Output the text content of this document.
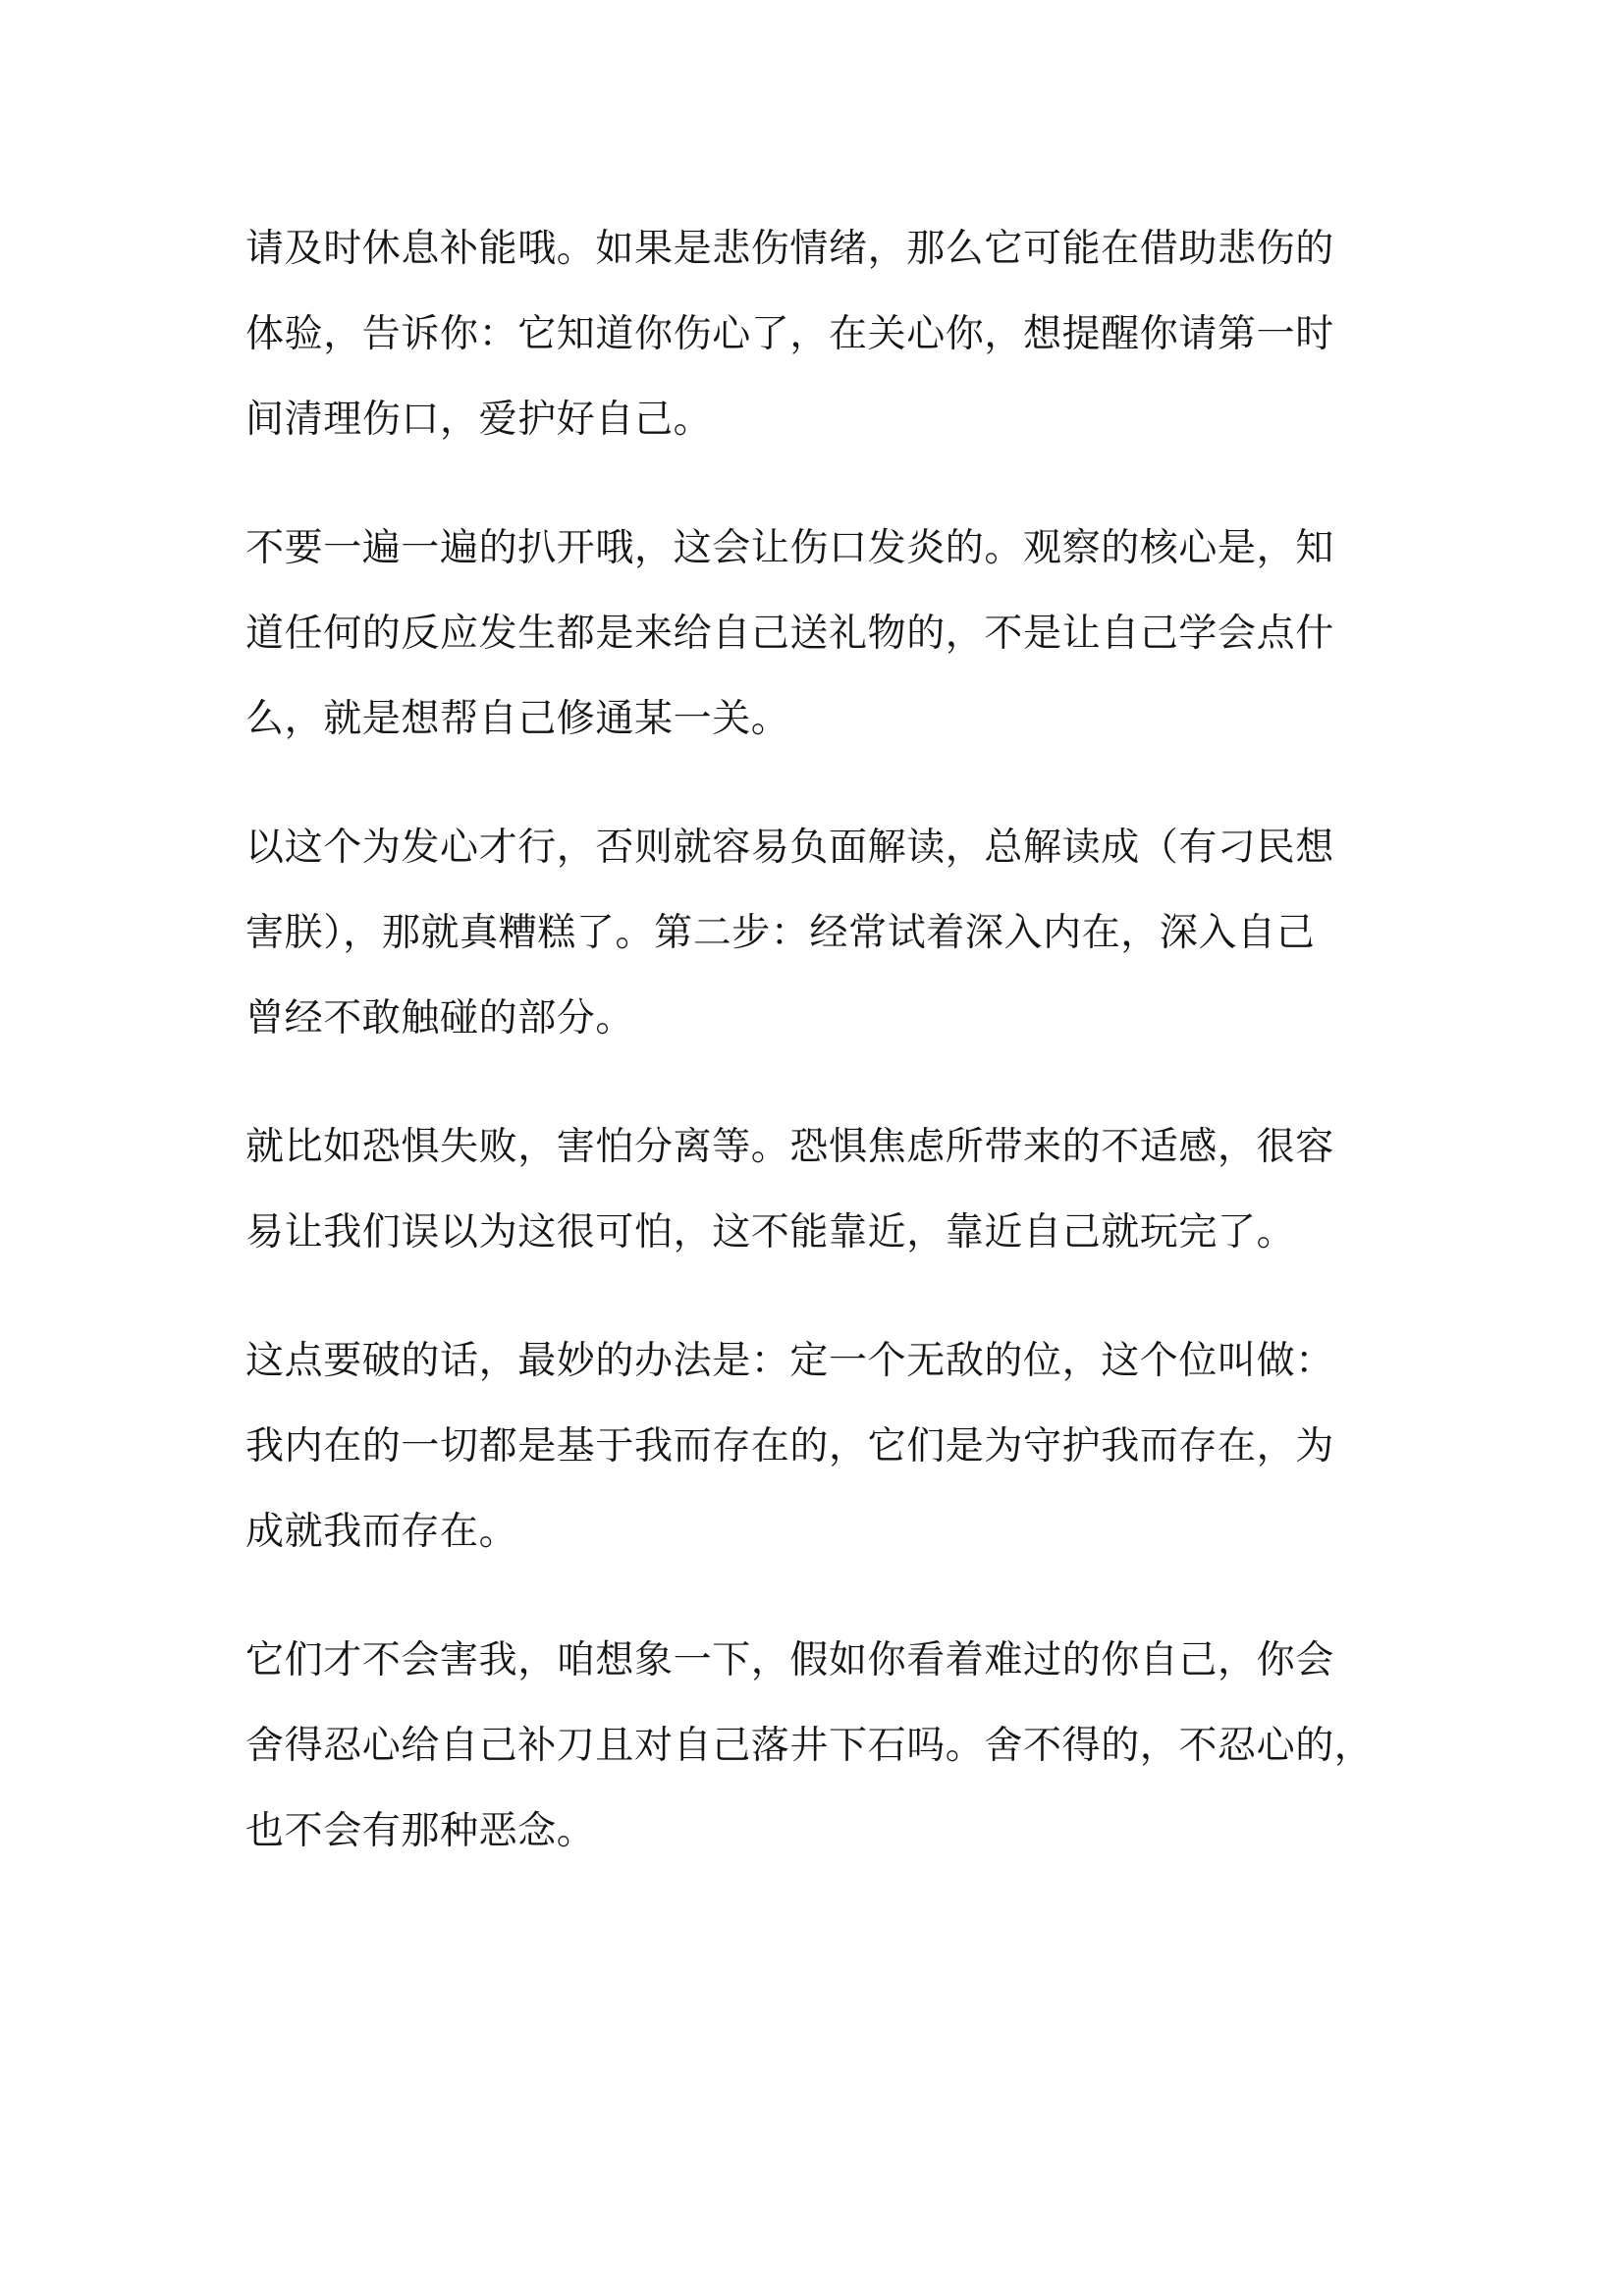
请及时休息补能哦。如果是悲伤情绪，那么它可能在借助悲伤的
体验，告诉你：它知道你伤心了，在关心你，想提醒你请第一时
间清理伤口，爱护好自己。
不要一遍一遍的扒开哦，这会让伤口发炎的。观察的核心是，知
道任何的反应发生都是来给自己送礼物的，不是让自己学会点什
么，就是想帮自己修通某一关。
以这个为发心才行，否则就容易负面解读，总解读成（有刁民想
害朕），那就真糟糕了。第二步：经常试着深入内在，深入自己
曾经不敢触碰的部分。
就比如恐惧失败，害怕分离等。恐惧焦虑所带来的不适感，很容
易让我们误以为这很可怕，这不能靠近，靠近自己就玩完了。
这点要破的话，最妙的办法是：定一个无敌的位，这个位叫做：
我内在的一切都是基于我而存在的，它们是为守护我而存在，为
成就我而存在。
它们才不会害我，咱想象一下，假如你看着难过的你自己，你会
舍得忍心给自己补刀且对自己落井下石吗。舍不得的，不忍心的，
也不会有那种恶念。
